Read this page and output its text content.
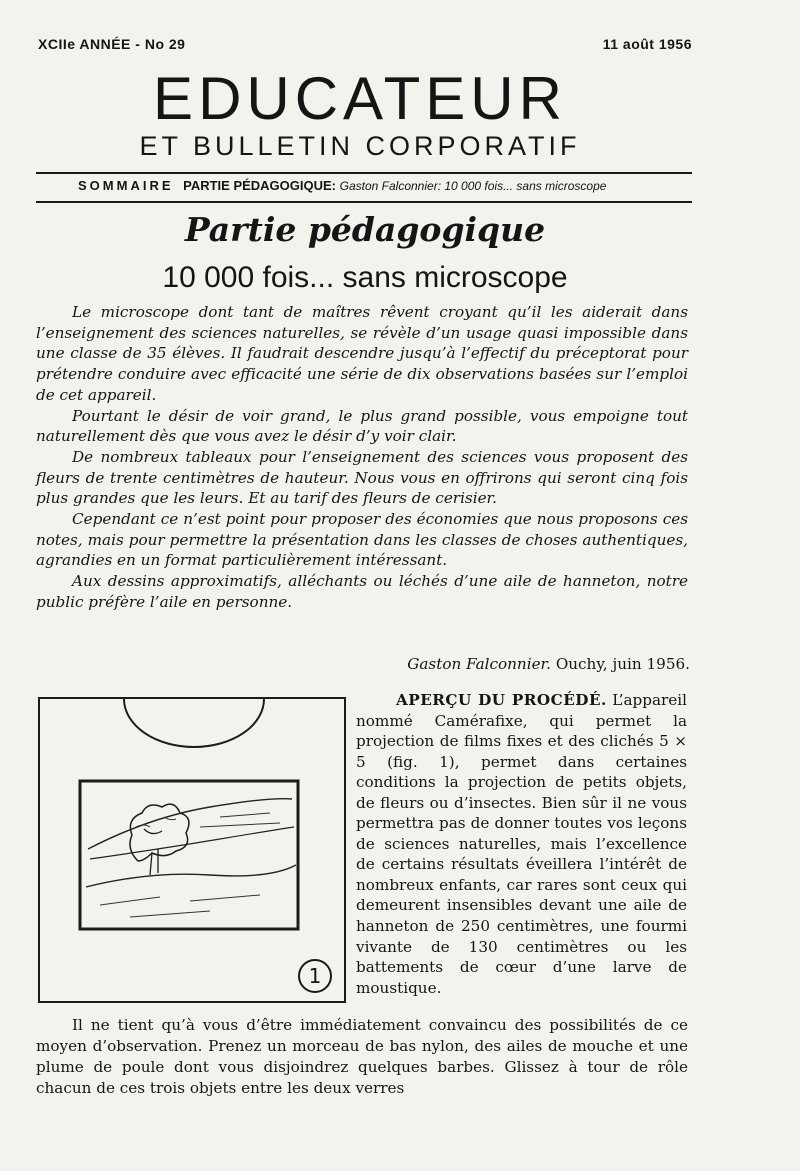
XCIIe ANNÉE - No 29	11 août 1956
EDUCATEUR
ET BULLETIN CORPORATIF
SOMMAIRE PARTIE PÉDAGOGIQUE: Gaston Falconnier: 10 000 fois... sans microscope
Partie pédagogique
10 000 fois... sans microscope

Le microscope dont tant de maîtres rêvent croyant qu’il les aiderait dans l’enseignement des sciences naturelles, se révèle d’un usage quasi impossible dans une classe de 35 élèves. Il faudrait descendre jusqu’à l’effectif du préceptorat pour prétendre conduire avec efficacité une série de dix observations basées sur l’emploi de cet appareil.

Pourtant le désir de voir grand, le plus grand possible, vous empoigne tout naturellement dès que vous avez le désir d’y voir clair.

De nombreux tableaux pour l’enseignement des sciences vous proposent des fleurs de trente centimètres de hauteur. Nous vous en offrirons qui seront cinq fois plus grandes que les leurs. Et au tarif des fleurs de cerisier.

Cependant ce n’est point pour proposer des économies que nous proposons ces notes, mais pour permettre la présentation dans les classes de choses authentiques, agrandies en un format particulièrement intéressant.

Aux dessins approximatifs, alléchants ou léchés d’une aile de hanneton, notre public préfère l’aile en personne.

Gaston Falconnier. Ouchy, juin 1956.
1

APERÇU DU PROCÉDÉ. L’appareil nommé Camérafixe, qui permet la projection de films fixes et des clichés 5 × 5 (fig. 1), permet dans certaines conditions la projection de petits objets, de fleurs ou d’insectes. Bien sûr il ne vous permettra pas de donner toutes vos leçons de sciences naturelles, mais l’excellence de certains résultats éveillera l’intérêt de nombreux enfants, car rares sont ceux qui demeurent insensibles devant une aile de hanneton de 250 centimètres, une fourmi vivante de 130 centimètres ou les battements de cœur d’une larve de moustique.

Il ne tient qu’à vous d’être immédiatement convaincu des possibilités de ce moyen d’observation. Prenez un morceau de bas nylon, des ailes de mouche et une plume de poule dont vous disjoindrez quelques barbes. Glissez à tour de rôle chacun de ces trois objets entre les deux verres
